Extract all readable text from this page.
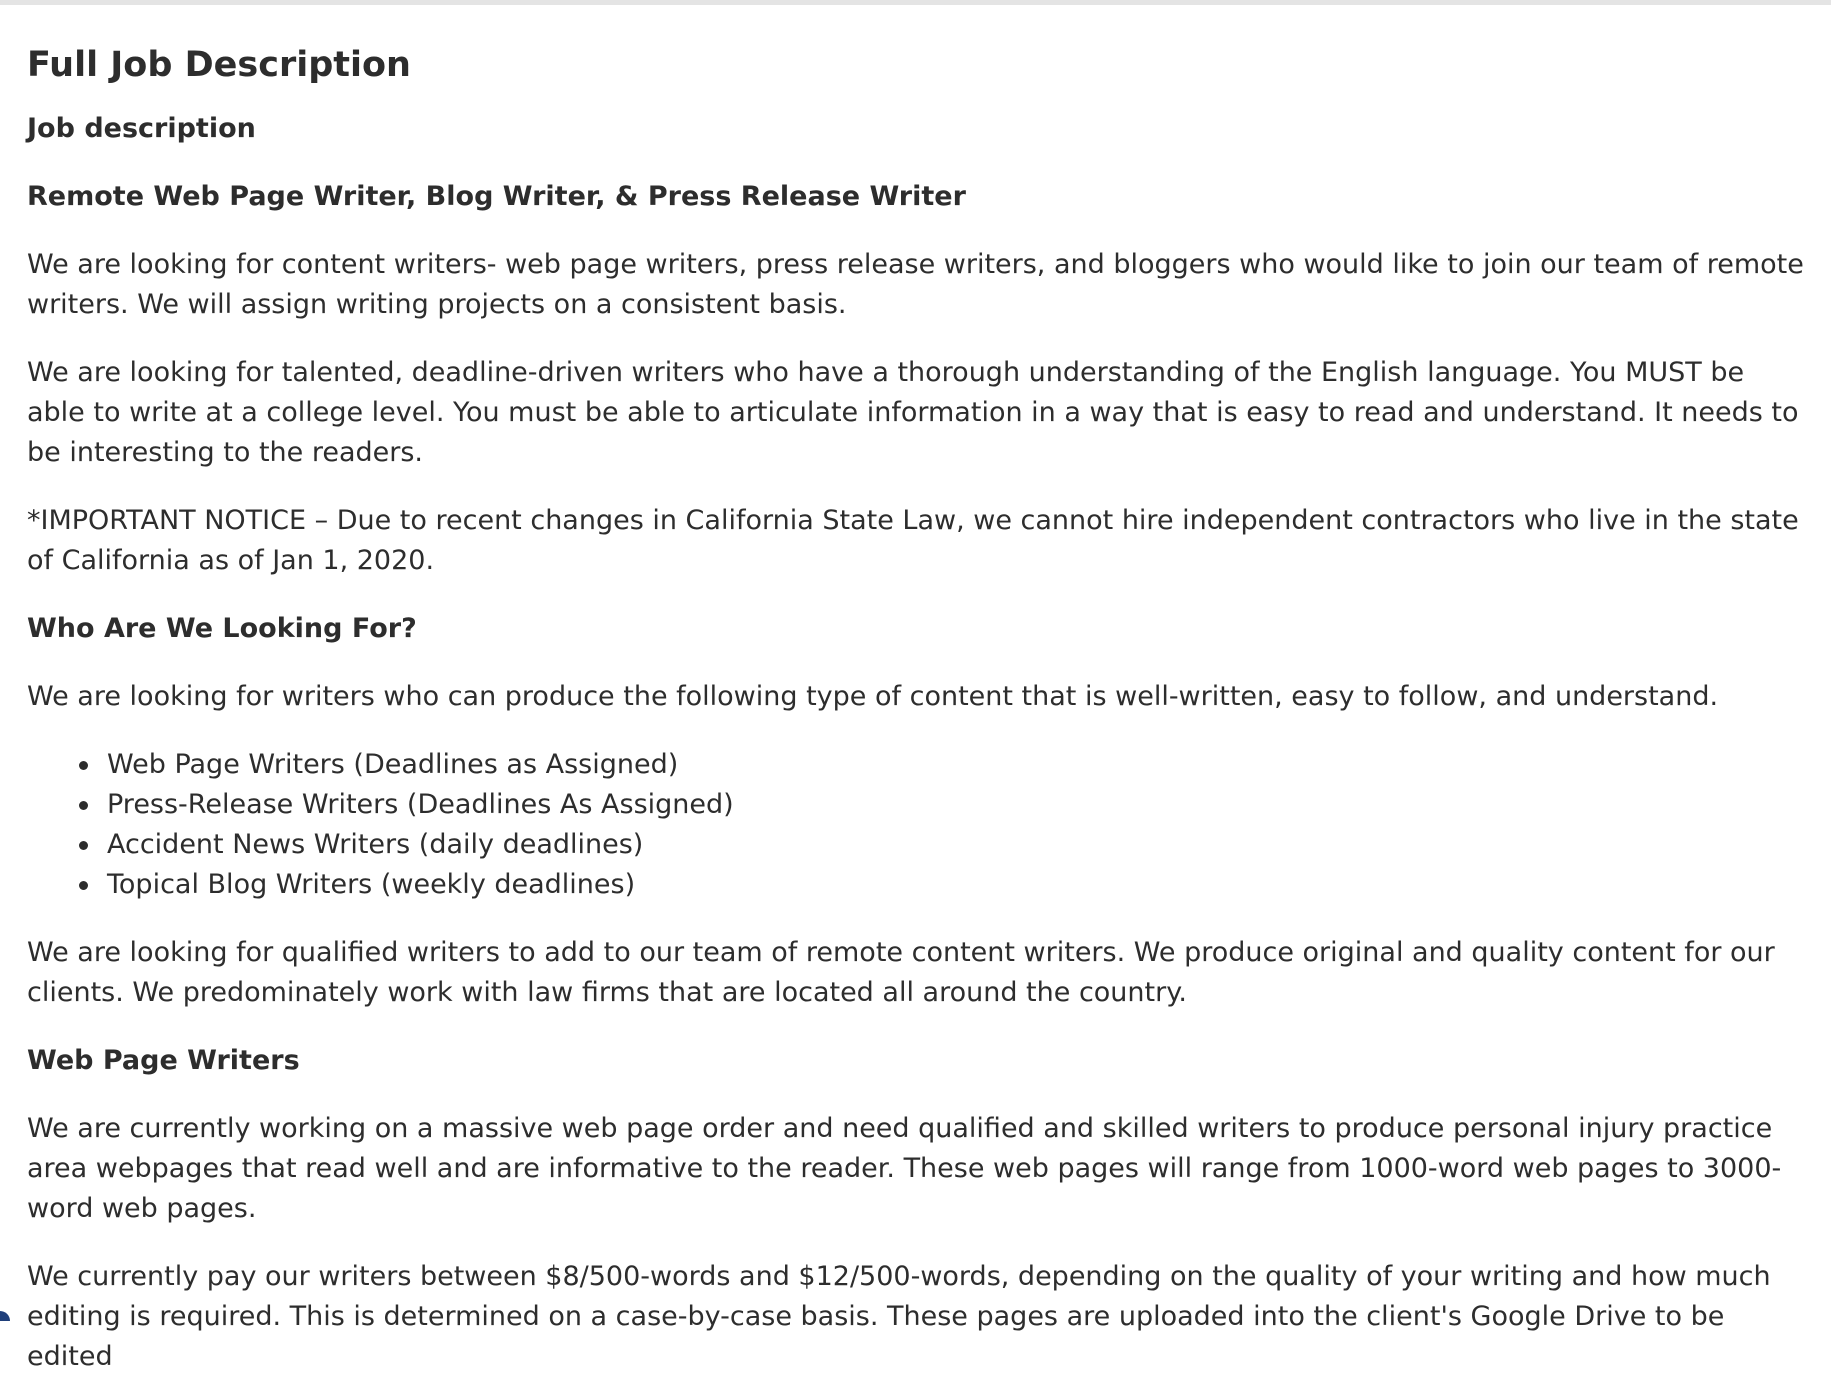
Full Job Description
Job description
Remote Web Page Writer, Blog Writer, & Press Release Writer

We are looking for content writers- web page writers, press release writers, and bloggers who would like to join our team of remote writers. We will assign writing projects on a consistent basis.

We are looking for talented, deadline-driven writers who have a thorough understanding of the English language. You MUST be able to write at a college level. You must be able to articulate information in a way that is easy to read and understand. It needs to be interesting to the readers.

*IMPORTANT NOTICE – Due to recent changes in California State Law, we cannot hire independent contractors who live in the state of California as of Jan 1, 2020.

Who Are We Looking For?

We are looking for writers who can produce the following type of content that is well-written, easy to follow, and understand.

Web Page Writers (Deadlines as Assigned)
Press-Release Writers (Deadlines As Assigned)
Accident News Writers (daily deadlines)
Topical Blog Writers (weekly deadlines)

We are looking for qualified writers to add to our team of remote content writers. We produce original and quality content for our clients. We predominately work with law firms that are located all around the country.

Web Page Writers

We are currently working on a massive web page order and need qualified and skilled writers to produce personal injury practice area webpages that read well and are informative to the reader. These web pages will range from 1000-word web pages to 3000-word web pages.

We currently pay our writers between $8/500-words and $12/500-words, depending on the quality of your writing and how much editing is required. This is determined on a case-by-case basis. These pages are uploaded into the client's Google Drive to be edited
